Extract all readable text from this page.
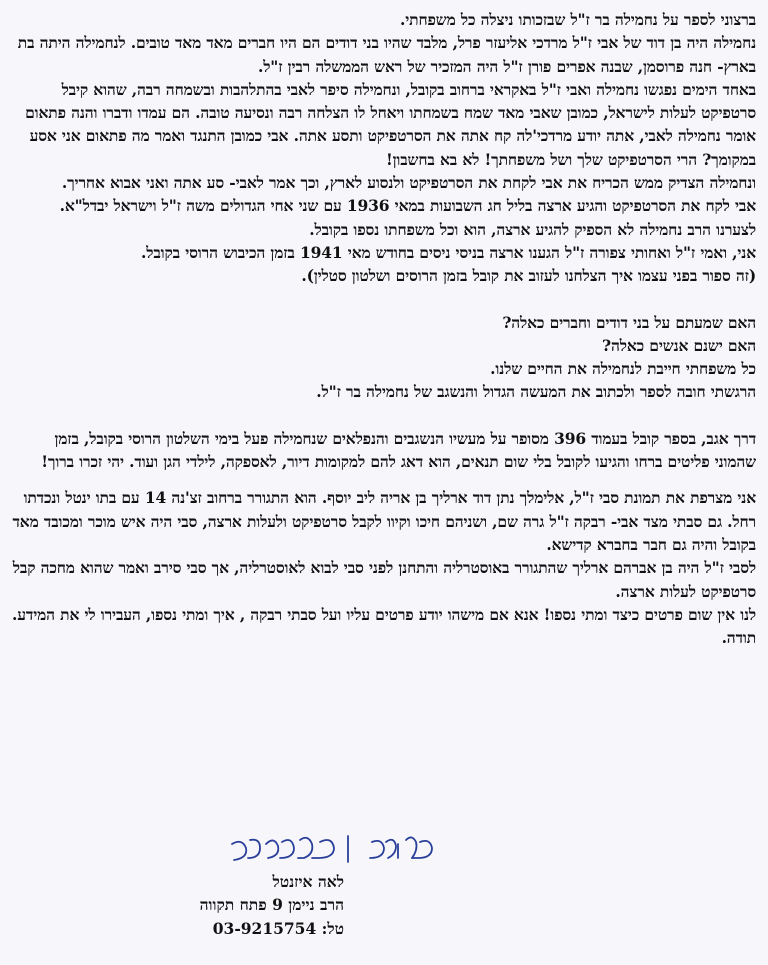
ברצוני לספר על נחמילה בר ז"ל שבזכותו ניצלה כל משפחתי.

נחמילה היה בן דוד של אבי ז"ל מרדכי אליעזר פרל, מלבד שהיו בני דודים הם היו חברים מאד מאד טובים. לנחמילה היתה בת בארץ- חנה פרוסמן, שבנה אפרים פורן ז"ל היה המזכיר של ראש הממשלה רבין ז"ל.

באחד הימים נפגשו נחמילה ואבי ז"ל באקראי ברחוב בקובל, ונחמילה סיפר לאבי בהתלהבות ובשמחה רבה, שהוא קיבל סרטפיקט לעלות לישראל, כמובן שאבי מאד שמח בשמחתו ויאחל לו הצלחה רבה ונסיעה טובה. הם עמדו ודברו והנה פתאום אומר נחמילה לאבי, אתה יודע מרדכי'לה קח אתה את הסרטפיקט ותסע אתה. אבי כמובן התנגד ואמר מה פתאום אני אסע במקומך? הרי הסרטפיקט שלך ושל משפחתך! לא בא בחשבון!

ונחמילה הצדיק ממש הכריח את אבי לקחת את הסרטפיקט ולנסוע לארץ, וכך אמר לאבי- סע אתה ואני אבוא אחריך.

אבי לקח את הסרטפיקט והגיע ארצה בליל חג השבועות במאי 1936 עם שני אחי הגדולים משה ז"ל וישראל יבדל"א.

לצערנו הרב נחמילה לא הספיק להגיע ארצה, הוא וכל משפחתו נספו בקובל.

אני, ואמי ז"ל ואחותי צפורה ז"ל הגענו ארצה בניסי ניסים בחודש מאי 1941 בזמן הכיבוש הרוסי בקובל.

(זה ספור בפני עצמו איך הצלחנו לעזוב את קובל בזמן הרוסים ושלטון סטלין).

האם שמעתם על בני דודים וחברים כאלה?

האם ישנם אנשים כאלה?

כל משפחתי חייבת לנחמילה את החיים שלנו.

הרגשתי חובה לספר ולכתוב את המעשה הגדול והנשגב של נחמילה בר ז"ל.

דרך אגב, בספר קובל בעמוד 396 מסופר על מעשיו הנשגבים והנפלאים שנחמילה פעל בימי השלטון הרוסי בקובל, בזמן שהמוני פליטים ברחו והגיעו לקובל בלי שום תנאים, הוא דאג להם למקומות דיור, לאספקה, לילדי הגן ועוד. יהי זכרו ברוך!

אני מצרפת את תמונת סבי ז"ל, אלימלך נתן דוד ארליך בן אריה ליב יוסף. הוא התגורר ברחוב זצ'נה 14 עם בתו ינטל ונכדתו רחל. גם סבתי מצד אבי- רבקה ז"ל גרה שם, ושניהם חיכו וקיוו לקבל סרטפיקט ולעלות ארצה, סבי היה איש מוכר ומכובד מאד בקובל והיה גם חבר בחברא קדישא.

לסבי ז"ל היה בן אברהם ארליך שהתגורר באוסטרליה והתחנן לפני סבי לבוא לאוסטרליה, אך סבי סירב ואמר שהוא מחכה קבל סרטפיקט לעלות ארצה.

לנו אין שום פרטים כיצד ומתי נספו! אנא אם מישהו יודע פרטים עליו ועל סבתי רבקה , איך ומתי נספו, העבירו לי את המידע. תודה.

לאה איזנטל
הרב ניימן 9 פתח תקווה
טל: 03-9215754
